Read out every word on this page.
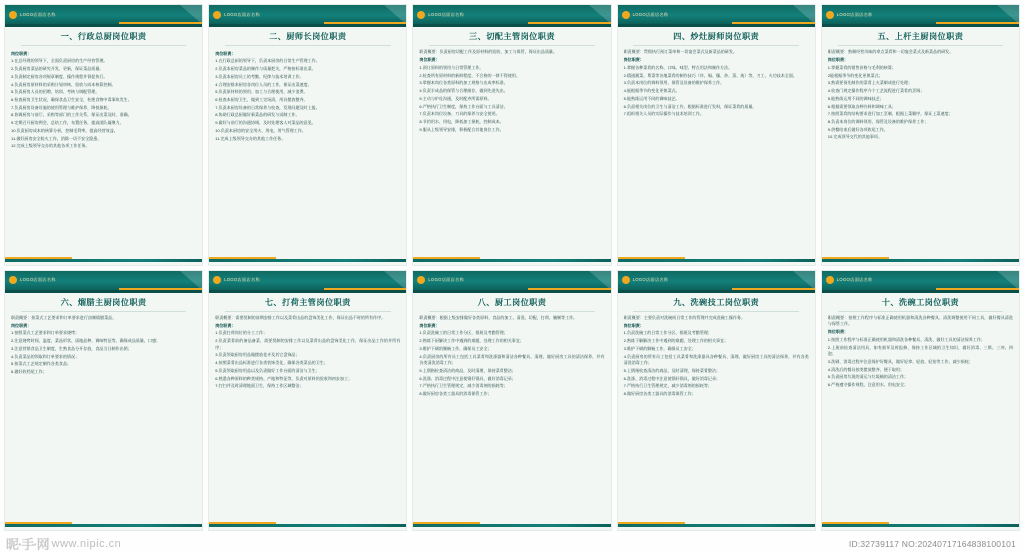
LOGO店面店名称
一、行政总厨岗位职责

岗位职责：

1.在总经理的领导下，全面负责厨房的生产经营管理。

2.负责厨房菜品的研究开发、更新，保证菜品质量。

3.负责制定厨房各项规章制度、操作规程并督促执行。

4.负责厨房原材料的采购计划审核、验收与成本核算控制。

5.负责厨房人员的招聘、培训、考核与调配管理。

6.检查厨房卫生状况，确保食品卫生安全，杜绝食物中毒事故发生。

7.负责厨房设备设施的使用管理与维护保养，降低损耗。

8.协调厨房与前厅、采购等部门的工作关系，保证出菜及时、准确。

9.定期召开厨房例会，总结工作，布置任务，提高团队凝聚力。

10.负责厨房成本的核算分析，控制毛利率，提高经营效益。

11.做好厨房安全防火工作，消除一切不安全隐患。

12.完成上级领导交办的其他各项工作任务。

LOGO店面店名称
二、厨师长岗位职责

岗位职责：

1.在行政总厨的领导下，负责本厨房的日常生产管理工作。

2.负责本厨房菜品的制作与质量把关，严格按标准出菜。

3.负责本厨房员工的考勤、纪律与技术培训工作。

4.合理安排本厨房各岗位人员的工作，保证出菜速度。

5.负责原材料的领用、加工与合理使用，减少浪费。

6.检查本厨房卫生，做到工完场清，用具摆放整齐。

7.负责本厨房设备的日常保养与检查，发现问题及时上报。

8.协助行政总厨做好新菜品的研发与试制工作。

9.做好与前厅的沟通协调，及时处理客人对菜品的意见。

10.负责本厨房的安全用火、用电、用气管理工作。

11.完成上级领导交办的其他工作任务。

LOGO店面店名称
三、切配主管岗位职责

职责概要：负责厨房切配工作及原材料的验收、加工与保管，保证出品质量。

岗位职责：

1.预订原料的领用与日常管理工作。

2.检查所有原材料的新鲜程度，不合格的一律不得使用。

3.掌握本岗位各类原料的加工规格与出成率标准。

4.负责半成品的保管与合理储存，做到先进先出。

5.主动与炉灶沟通，及时配齐所需原料。

6.严格执行卫生制度，保持工作台面与工具清洁。

7.负责本岗位设备、刀具的保养与安全使用。

8.节约用水、用电，降低加工损耗，控制成本。

9.服从上级领导安排，积极配合其他岗位工作。

LOGO店面店名称
四、炒灶厨师岗位职责

职责概要：贯彻执行预订菜单和一切宴会菜式及新菜品的研发。

岗位职责：

1.掌握各种菜肴的名称、口味、味型、特点用法和制作方法。

2.精通湘菜、粤菜等各地菜肴的制作技巧（炸、焖、爆、炒、蒸、炖）等，刀工、火功技术全面。

3.负责本岗位的调料领用、保管及设备的维护保养工作。

4.能根据季节的变化更换菜式。

5.能熟练运用不同的调味技艺。

6.负责相关岗位的卫生与清洁工作，根据标准进行发料，保证菜肴的质量。

7.组织相关人员的实际操作与技术培训工作。

LOGO店面店名称
五、上杆主厨岗位职责

职责概要：熟制经营风味的拿点菜肴和一切宴会菜式及新菜品的研发。

岗位职责：

1.掌握菜肴的销售价格与毛利的核算；

2能根据季节的变化更换菜式；

3.熟需要预先制作的菜肴上火菜制成进行处理；

4.检查门规定操作程序介个工艺流程进行菜肴的烹调；

5.能熟练运用不同的调味技艺；

6.根据需要领取各种冷料和调味工具；

7.按照菜肴的结构要求进行加工烹制，根据上菜顺序，保证上菜速度；

8.负责本岗位的调料领用、保管及设备的维护保养工作；

9.供餐结束后做好各项收尾工作。

10.完成领导交代的其他事项。

LOGO店面店名称
六、熘腊主厨岗位职责

职责概要：按菜式工艺要求和订单要求进行卤制熘腊菜品。

岗位职责：

1.按照菜式工艺要求和订单要求烧烤；

2.注意烧烤时间、温度、菜品形状、质地品种、调味特征等，确保成品质量，口感；

3.注意营销食品卫生制度，生熟食品分开存放，食品当日制作出销；

4.负责菜品的领取和订单要求的情况；

5.按菜式工艺规定制作各类食品；

6.做好收档尾工作；

LOGO店面店名称
七、打荷主管岗位职责

职责概要：需要契制的前期安排工作以及菜肴出品的盘饰美化工作，保证出品不时的所有作序。

岗位职责：

1.负责打荷岗位的分工工作；

2.负责菜肴前的备品备菜、需要契制的安排工作以及菜肴出品的盘饰美化工作，保证出品工作的并所有序；

3.负责领取厨房用品做摆放花卉及其它盘饰品；

4.按照菜肴出品标准进行各类装饰美化，确保各类菜品的卫生；

5.负责领取厨房用品以及负责做好工作台面的清洁与卫生；

6.熟悉各种原料的种类规格、产地和特征等，负责对原料的验收和初步加工；

7.打扫并及时清理地面卫生，保持工作区域整洁；

LOGO店面店名称
八、厨工岗位职责

职责概要：根据上级安排做好各类原料、食品的加工、清洗、切配、打荷、腌制等工作。

岗位职责：

1.负责洗碗工的日常工作分区，排班及考勤管理；

2.熟练下厨解决工作中遇到的难题，处理工作的相关事宜；

3.维护下刷的顺畅工作，确保员工安全；

4.负责厨房的所有员工包括工具菜肴和洗涤器和清洁各种餐具、清理、做好厨房工具的清洁保养，并有各类清洗消毒工作；

5.上锅指检查清洁的商品，及时清理，保持菜肴整洁；

6.洗涤、消毒过程中注意使锅好锅具，做好消毒记录；

7.严格执行卫生管理规定，减少消毒剂的损耗等；

8.做好厨房各类工器具的消毒保管工作；

LOGO店面店名称
九、洗碗技工岗位职责

职责概要：主要负责对洗碗间日常工作的管理并完成洗碗工操作务。

岗位职责：

1.负责洗碗工的日常工作分区、排班及考勤管理；

2.熟练下解解决工作中遇到的难题，处理工作的相关事宜；

3.维护下刷的顺畅工作，确保员工安全；

4.负责厨房的所有员工包括工具菜肴和洗涤器具各种餐具、清理、做好厨房工具的清洁保养，并有各类清洗消毒工作；

5.上锅指检查清洁的商品，及时清理，保持菜肴整洁；

6.洗涤、消毒过程中注意使锅好锅具，做好消毒记录；

7.严格执行卫生管理规定，减少消毒剂的损耗等；

8.做好厨房各类工器具的消毒保管工作；

LOGO店面店名称
十、洗碗工岗位职责

职责概要：按照工作程序与标准正确使用机器和清洗各种餐具、清洗调整使用不同工具，做好餐具清洗与保管工作。

岗位职责：

1.按照工作程序与标准正确使用机器和清洗各种餐具、清洗、做好工具的清洁保养工作；

2.上班前检查清洁用具，如有损坏及时报修，保持工作区域的卫生知识，做好消毒、三斯、三冲、四泡；

3.洗刷、消毒过程中注意保护好餐具，做好轻拿、轻放、轻抬等工作，减少损耗；

4.清洗后的餐具按类摆放整齐，便于取用；

5.负责厨房垃圾的清运与垃圾桶的清洁工作；

6.严格遵守操作规程，注意用水、用电安全；

昵·手·网 www.nipic.cn	ID:32739117 NO:20240717164838100101
